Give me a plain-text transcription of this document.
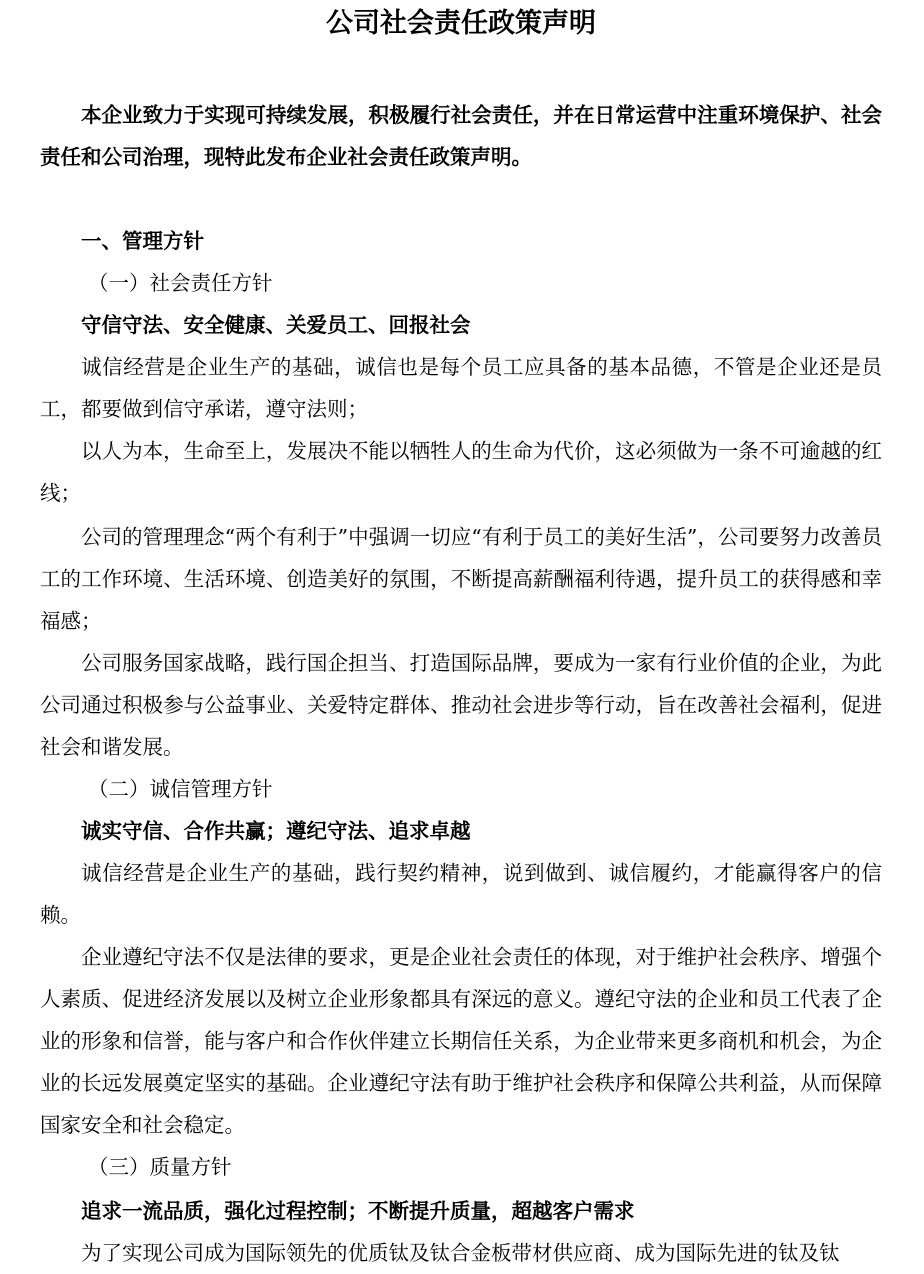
公司社会责任政策声明

本企业致力于实现可持续发展，积极履行社会责任，并在日常运营中注重环境保护、社会责任和公司治理，现特此发布企业社会责任政策声明。

一、管理方针

（一）社会责任方针

守信守法、安全健康、关爱员工、回报社会

诚信经营是企业生产的基础，诚信也是每个员工应具备的基本品德，不管是企业还是员工，都要做到信守承诺，遵守法则；

以人为本，生命至上，发展决不能以牺牲人的生命为代价，这必须做为一条不可逾越的红线；

公司的管理理念“两个有利于”中强调一切应“有利于员工的美好生活”，公司要努力改善员工的工作环境、生活环境、创造美好的氛围，不断提高薪酬福利待遇，提升员工的获得感和幸福感；

公司服务国家战略，践行国企担当、打造国际品牌，要成为一家有行业价值的企业，为此公司通过积极参与公益事业、关爱特定群体、推动社会进步等行动，旨在改善社会福利，促进社会和谐发展。

（二）诚信管理方针

诚实守信、合作共赢；遵纪守法、追求卓越

诚信经营是企业生产的基础，践行契约精神，说到做到、诚信履约，才能赢得客户的信赖。

企业遵纪守法不仅是法律的要求，更是企业社会责任的体现，对于维护社会秩序、增强个人素质、促进经济发展以及树立企业形象都具有深远的意义。遵纪守法的企业和员工代表了企业的形象和信誉，能与客户和合作伙伴建立长期信任关系，为企业带来更多商机和机会，为企业的长远发展奠定坚实的基础。企业遵纪守法有助于维护社会秩序和保障公共利益，从而保障国家安全和社会稳定。

（三）质量方针

追求一流品质，强化过程控制；不断提升质量，超越客户需求

为了实现公司成为国际领先的优质钛及钛合金板带材供应商、成为国际先进的钛及钛
